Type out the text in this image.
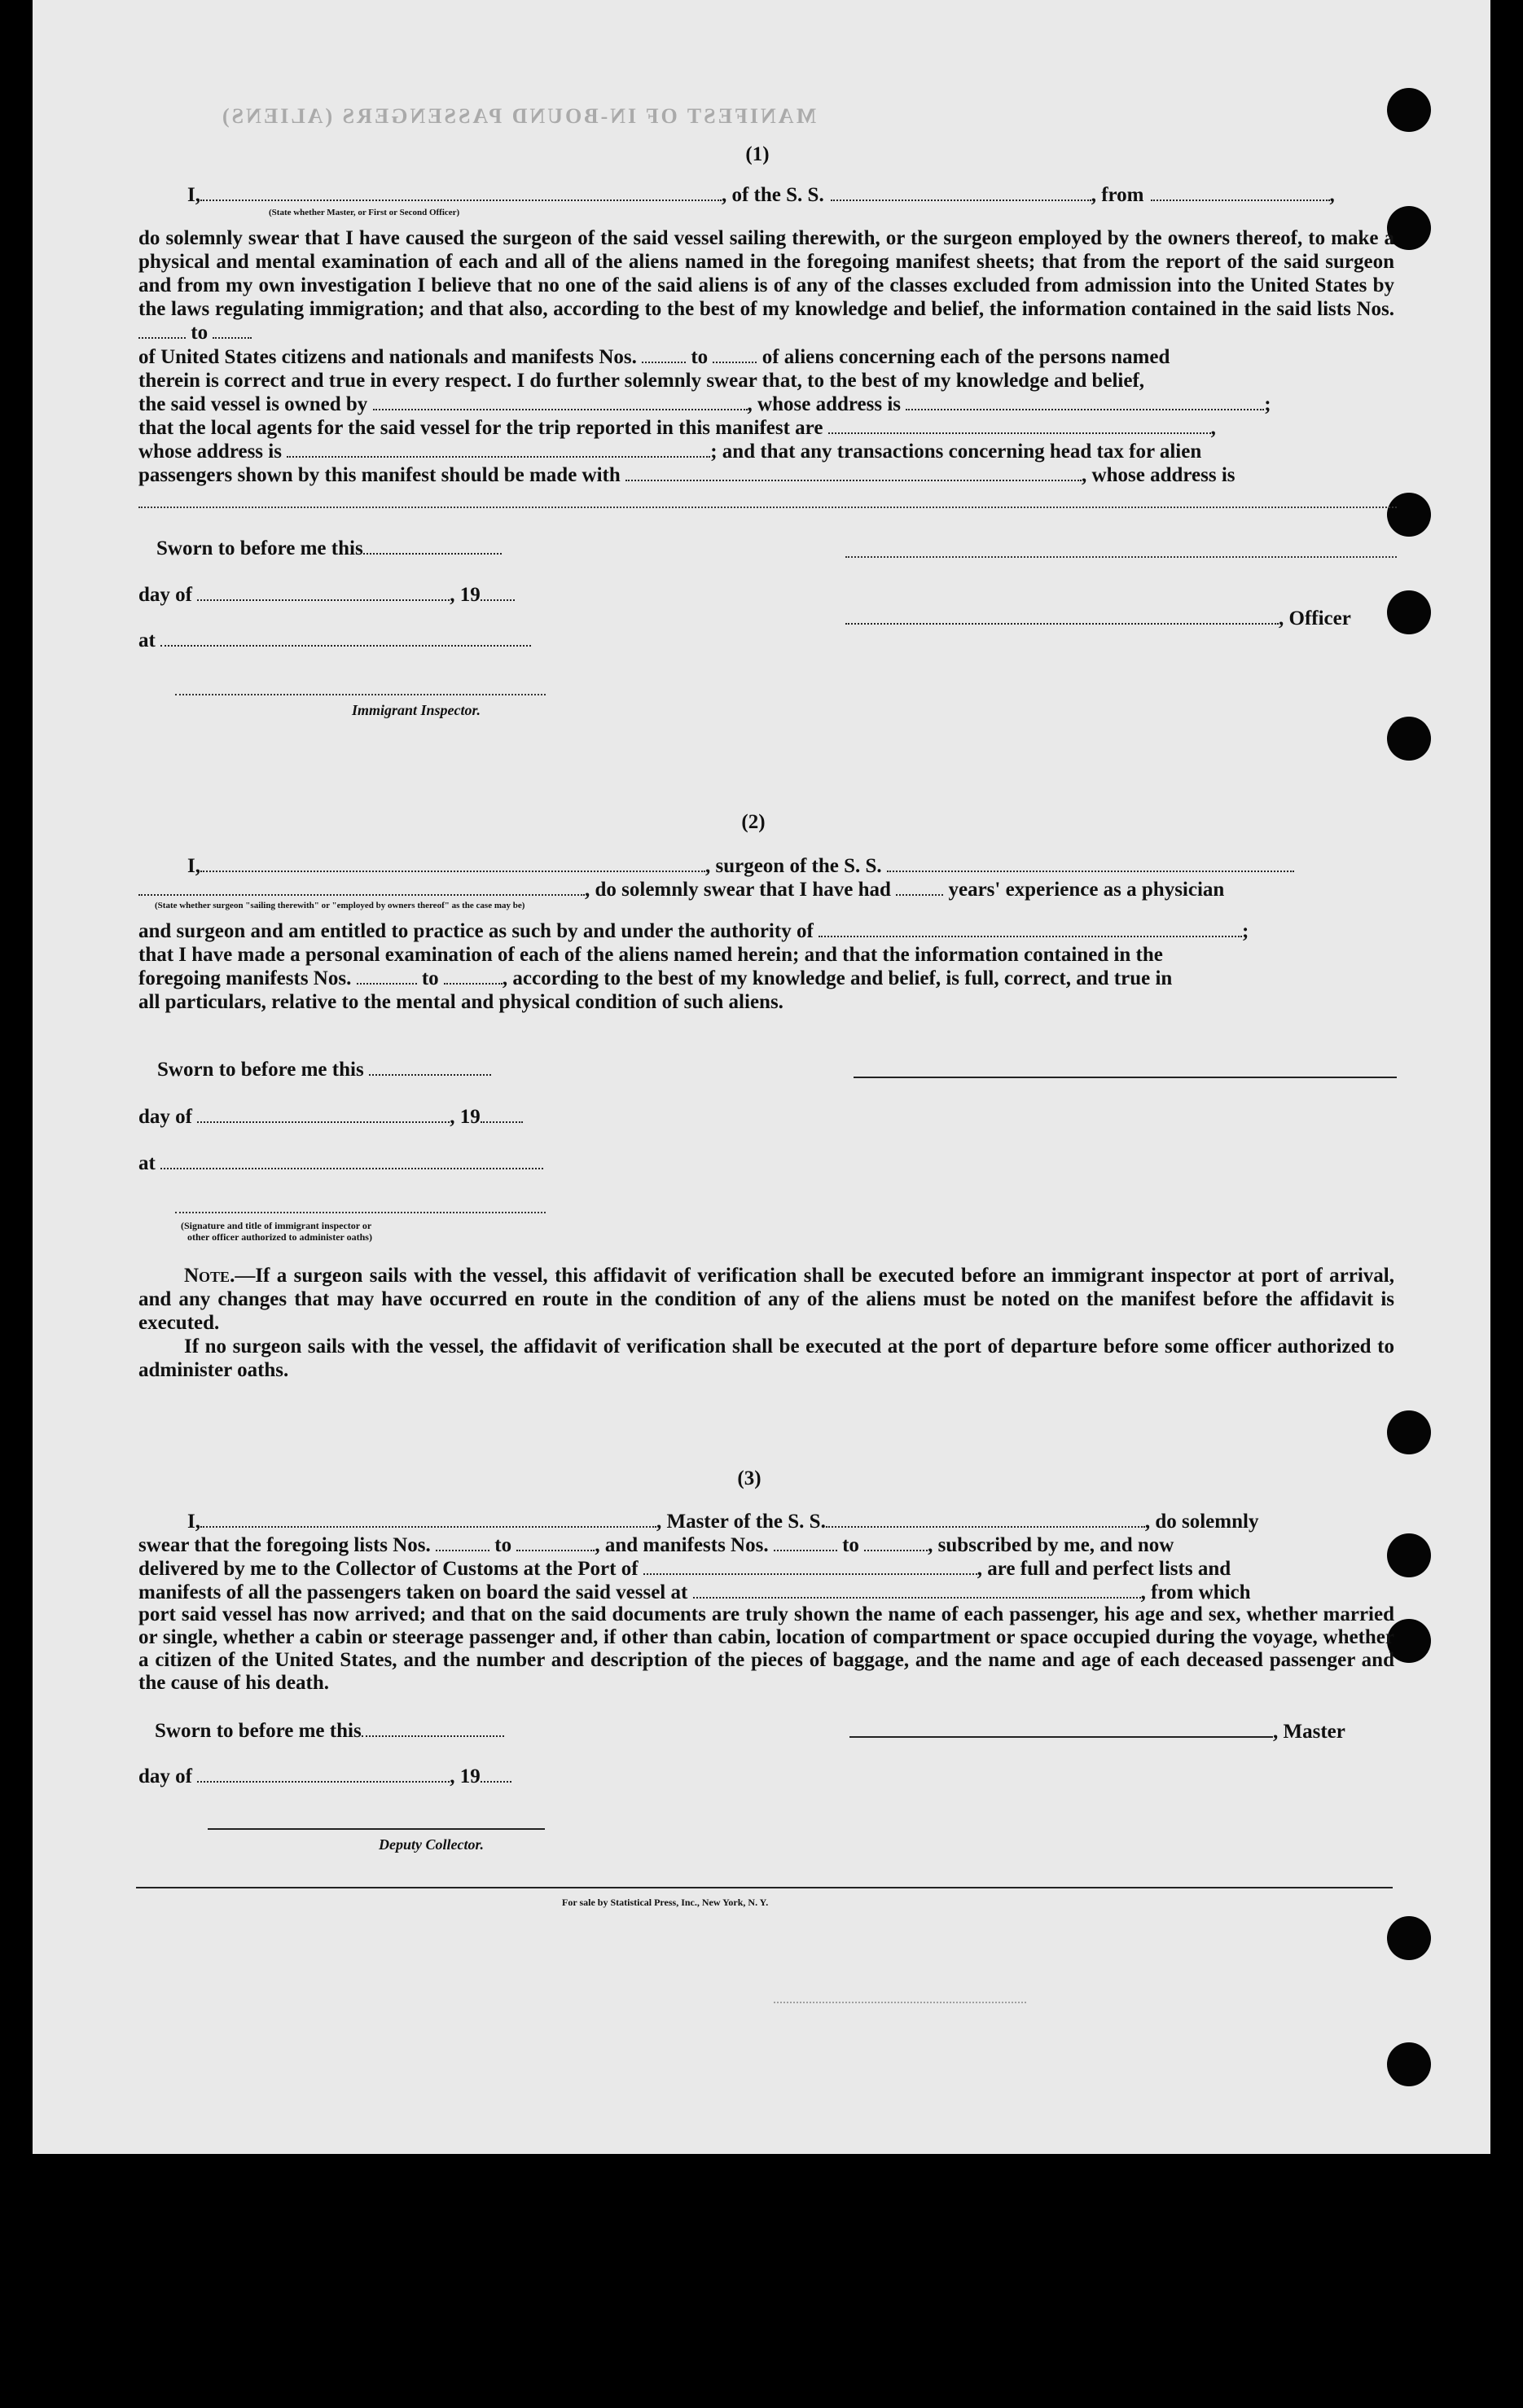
MANIFEST OF IN-BOUND PASSENGERS (ALIENS)
(1)
I,	, of the S. S.	, from	,
(State whether Master, or First or Second Officer)
do solemnly swear that I have caused the surgeon of the said vessel sailing therewith, or the surgeon employed by the owners thereof, to make a physical and mental examination of each and all of the aliens named in the foregoing manifest sheets; that from the report of the said surgeon and from my own investigation I believe that no one of the said aliens is of any of the classes excluded from admission into the United States by the laws regulating immigration; and that also, according to the best of my knowledge and belief, the information contained in the said lists Nos.  to
of United States citizens and nationals and manifests Nos.	to	of aliens concerning each of the persons named
therein is correct and true in every respect. I do further solemnly swear that, to the best of my knowledge and belief,
the said vessel is owned by	, whose address is	;
that the local agents for the said vessel for the trip reported in this manifest are	,
whose address is	; and that any transactions concerning head tax for alien
passengers shown by this manifest should be made with	, whose address is
Sworn to before me this
day of	, 19
, Officer
at
Immigrant Inspector.
(2)
I,	, surgeon of the S. S.
, do solemnly swear that I have had	years' experience as a physician
(State whether surgeon "sailing therewith" or "employed by owners thereof" as the case may be)
and surgeon and am entitled to practice as such by and under the authority of	;
that I have made a personal examination of each of the aliens named herein; and that the information contained in the
foregoing manifests Nos.	to	, according to the best of my knowledge and belief, is full, correct, and true in
all particulars, relative to the mental and physical condition of such aliens.
Sworn to before me this
day of	, 19
at
(Signature and title of immigrant inspector or
other officer authorized to administer oaths)
Note.—If a surgeon sails with the vessel, this affidavit of verification shall be executed before an immigrant inspector at port of arrival, and any changes that may have occurred en route in the condition of any of the aliens must be noted on the manifest before the affidavit is executed.
If no surgeon sails with the vessel, the affidavit of verification shall be executed at the port of departure before some officer authorized to administer oaths.
(3)
I,	, Master of the S. S.	, do solemnly
swear that the foregoing lists Nos.	to	, and manifests Nos.	to	, subscribed by me, and now
delivered by me to the Collector of Customs at the Port of	, are full and perfect lists and
manifests of all the passengers taken on board the said vessel at	, from which
port said vessel has now arrived; and that on the said documents are truly shown the name of each passenger, his age and sex, whether married or single, whether a cabin or steerage passenger and, if other than cabin, location of compartment or space occupied during the voyage, whether a citizen of the United States, and the number and description of the pieces of baggage, and the name and age of each deceased passenger and the cause of his death.
Sworn to before me this	, Master
day of	, 19
Deputy Collector.
For sale by Statistical Press, Inc., New York, N. Y.
